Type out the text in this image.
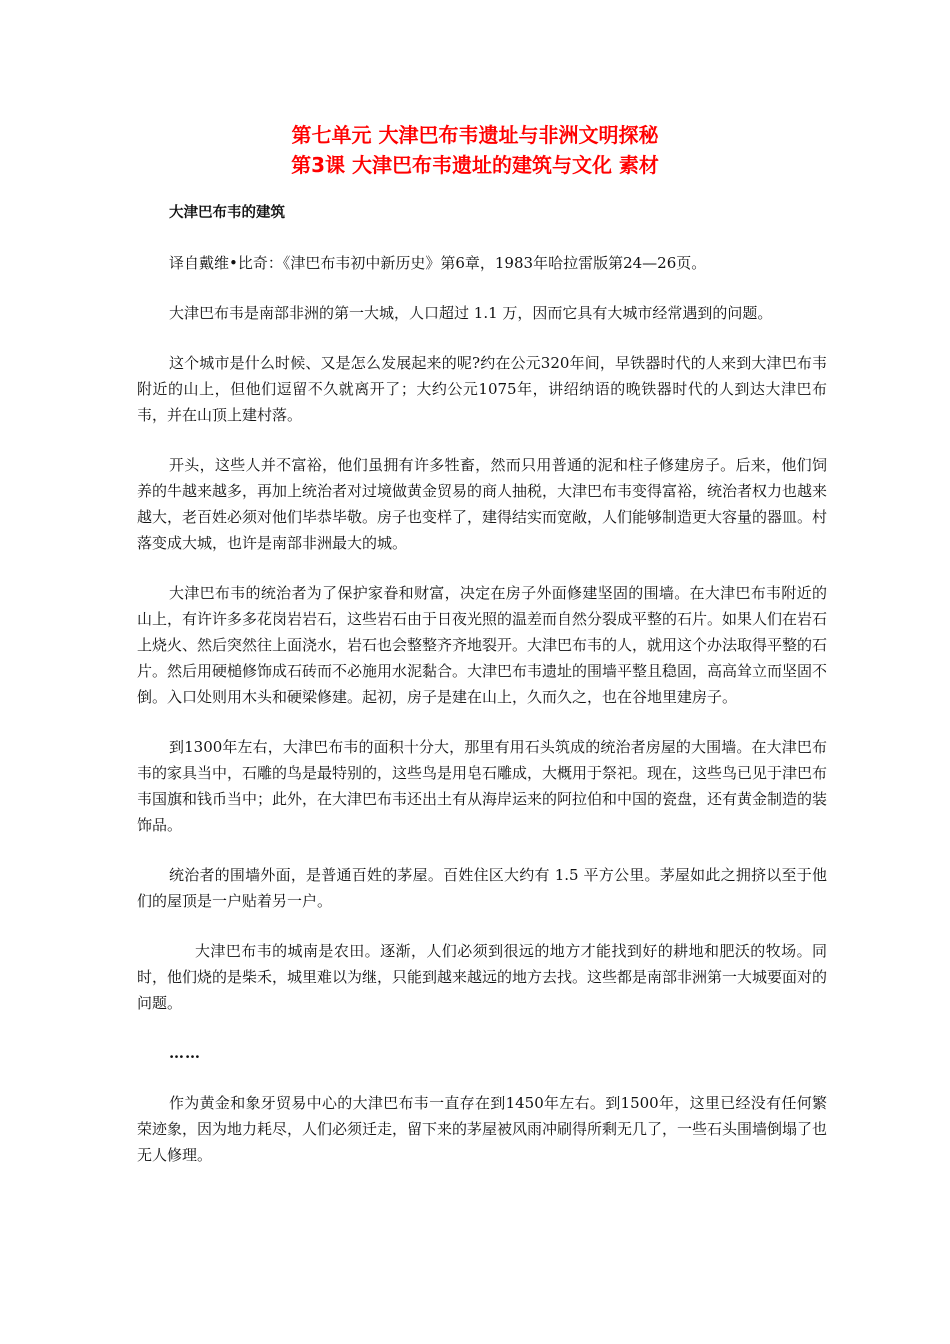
第七单元 大津巴布韦遗址与非洲文明探秘
第3课 大津巴布韦遗址的建筑与文化 素材

大津巴布韦的建筑

译自戴维•比奇：《津巴布韦初中新历史》第6章，1983年哈拉雷版第24—26页。

大津巴布韦是南部非洲的第一大城，人口超过 1.1 万，因而它具有大城市经常遇到的问题。

这个城市是什么时候、又是怎么发展起来的呢?约在公元320年间，早铁器时代的人来到大津巴布韦附近的山上，但他们逗留不久就离开了；大约公元1075年，讲绍纳语的晚铁器时代的人到达大津巴布韦，并在山顶上建村落。

开头，这些人并不富裕，他们虽拥有许多牲畜，然而只用普通的泥和柱子修建房子。后来，他们饲养的牛越来越多，再加上统治者对过境做黄金贸易的商人抽税，大津巴布韦变得富裕，统治者权力也越来越大，老百姓必须对他们毕恭毕敬。房子也变样了，建得结实而宽敞，人们能够制造更大容量的器皿。村落变成大城，也许是南部非洲最大的城。

大津巴布韦的统治者为了保护家眷和财富，决定在房子外面修建坚固的围墙。在大津巴布韦附近的山上，有许许多多花岗岩岩石，这些岩石由于日夜光照的温差而自然分裂成平整的石片。如果人们在岩石上烧火、然后突然往上面浇水，岩石也会整整齐齐地裂开。大津巴布韦的人，就用这个办法取得平整的石片。然后用硬槌修饰成石砖而不必施用水泥黏合。大津巴布韦遗址的围墙平整且稳固，高高耸立而坚固不倒。入口处则用木头和硬梁修建。起初，房子是建在山上，久而久之，也在谷地里建房子。

到1300年左右，大津巴布韦的面积十分大，那里有用石头筑成的统治者房屋的大围墙。在大津巴布韦的家具当中，石雕的鸟是最特别的，这些鸟是用皂石雕成，大概用于祭祀。现在，这些鸟已见于津巴布韦国旗和钱币当中；此外，在大津巴布韦还出土有从海岸运来的阿拉伯和中国的瓷盘，还有黄金制造的装饰品。

统治者的围墙外面，是普通百姓的茅屋。百姓住区大约有 1.5 平方公里。茅屋如此之拥挤以至于他们的屋顶是一户贴着另一户。

大津巴布韦的城南是农田。逐渐，人们必须到很远的地方才能找到好的耕地和肥沃的牧场。同时，他们烧的是柴禾，城里难以为继，只能到越来越远的地方去找。这些都是南部非洲第一大城要面对的问题。

……

作为黄金和象牙贸易中心的大津巴布韦一直存在到1450年左右。到1500年，这里已经没有任何繁荣迹象，因为地力耗尽，人们必须迁走，留下来的茅屋被风雨冲刷得所剩无几了，一些石头围墙倒塌了也无人修理。
